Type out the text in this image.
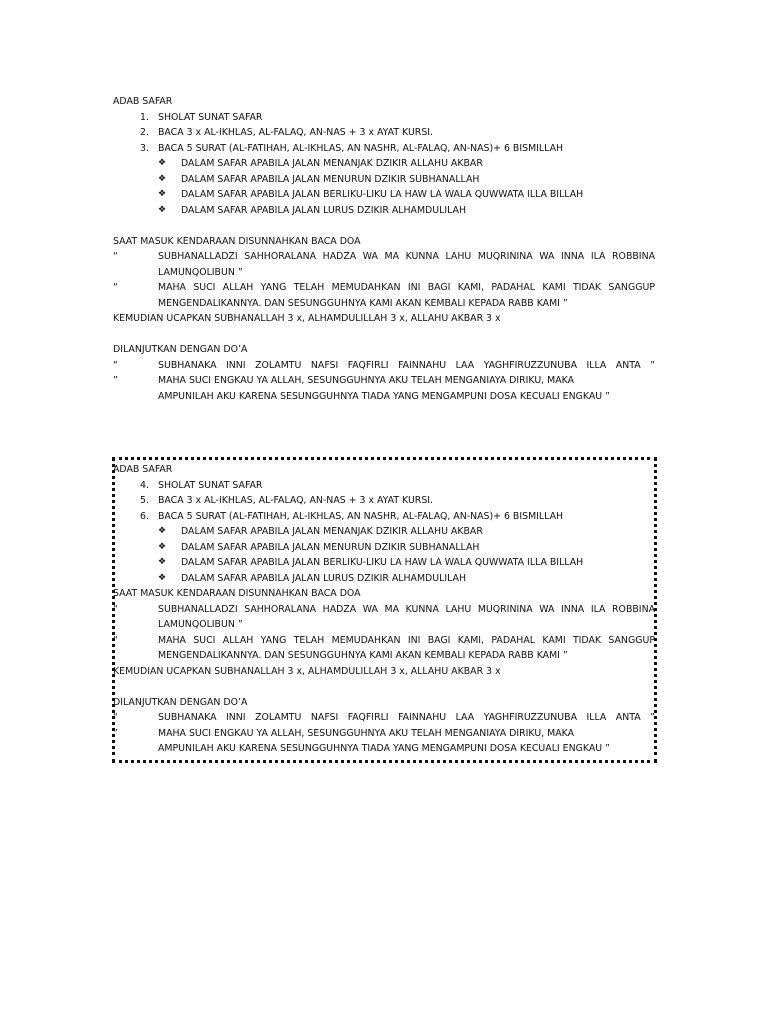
ADAB SAFAR
1. SHOLAT SUNAT SAFAR
2. BACA 3 x AL-IKHLAS, AL-FALAQ, AN-NAS + 3 x AYAT KURSI.
3. BACA 5 SURAT (AL-FATIHAH, AL-IKHLAS, AN NASHR, AL-FALAQ, AN-NAS)+ 6 BISMILLAH
❖ DALAM SAFAR APABILA JALAN MENANJAK DZIKIR ALLAHU AKBAR
❖ DALAM SAFAR APABILA JALAN MENURUN DZIKIR SUBHANALLAH
❖ DALAM SAFAR APABILA JALAN BERLIKU-LIKU LA HAW LA WALA QUWWATA ILLA BILLAH
❖ DALAM SAFAR APABILA JALAN LURUS DZIKIR ALHAMDULILAH
SAAT MASUK KENDARAAN DISUNNAHKAN BACA DOA
“	SUBHANALLADZI SAHHORALANA HADZA WA MA KUNNA LAHU MUQRININA WA INNA ILA ROBBINA
LAMUNQOLIBUN ”
“	MAHA SUCI ALLAH YANG TELAH MEMUDAHKAN INI BAGI KAMI, PADAHAL KAMI TIDAK SANGGUP
MENGENDALIKANNYA. DAN SESUNGGUHNYA KAMI AKAN KEMBALI KEPADA RABB KAMI ”
KEMUDIAN UCAPKAN SUBHANALLAH 3 x, ALHAMDULILLAH 3 x, ALLAHU AKBAR 3 x
DILANJUTKAN DENGAN DO’A
“	SUBHANAKA INNI ZOLAMTU NAFSI FAQFIRLI FAINNAHU LAA YAGHFIRUZZUNUBA ILLA ANTA ”
”	MAHA SUCI ENGKAU YA ALLAH, SESUNGGUHNYA AKU TELAH MENGANIAYA DIRIKU, MAKA
AMPUNILAH AKU KARENA SESUNGGUHNYA TIADA YANG MENGAMPUNI DOSA KECUALI ENGKAU ”
ADAB SAFAR
4. SHOLAT SUNAT SAFAR
5. BACA 3 x AL-IKHLAS, AL-FALAQ, AN-NAS + 3 x AYAT KURSI.
6. BACA 5 SURAT (AL-FATIHAH, AL-IKHLAS, AN NASHR, AL-FALAQ, AN-NAS)+ 6 BISMILLAH
❖ DALAM SAFAR APABILA JALAN MENANJAK DZIKIR ALLAHU AKBAR
❖ DALAM SAFAR APABILA JALAN MENURUN DZIKIR SUBHANALLAH
❖ DALAM SAFAR APABILA JALAN BERLIKU-LIKU LA HAW LA WALA QUWWATA ILLA BILLAH
❖ DALAM SAFAR APABILA JALAN LURUS DZIKIR ALHAMDULILAH
SAAT MASUK KENDARAAN DISUNNAHKAN BACA DOA
“	SUBHANALLADZI SAHHORALANA HADZA WA MA KUNNA LAHU MUQRININA WA INNA ILA ROBBINA
LAMUNQOLIBUN ”
“	MAHA SUCI ALLAH YANG TELAH MEMUDAHKAN INI BAGI KAMI, PADAHAL KAMI TIDAK SANGGUP
MENGENDALIKANNYA. DAN SESUNGGUHNYA KAMI AKAN KEMBALI KEPADA RABB KAMI ”
KEMUDIAN UCAPKAN SUBHANALLAH 3 x, ALHAMDULILLAH 3 x, ALLAHU AKBAR 3 x
DILANJUTKAN DENGAN DO’A
“	SUBHANAKA INNI ZOLAMTU NAFSI FAQFIRLI FAINNAHU LAA YAGHFIRUZZUNUBA ILLA ANTA ”
”	MAHA SUCI ENGKAU YA ALLAH, SESUNGGUHNYA AKU TELAH MENGANIAYA DIRIKU, MAKA
AMPUNILAH AKU KARENA SESUNGGUHNYA TIADA YANG MENGAMPUNI DOSA KECUALI ENGKAU ”
